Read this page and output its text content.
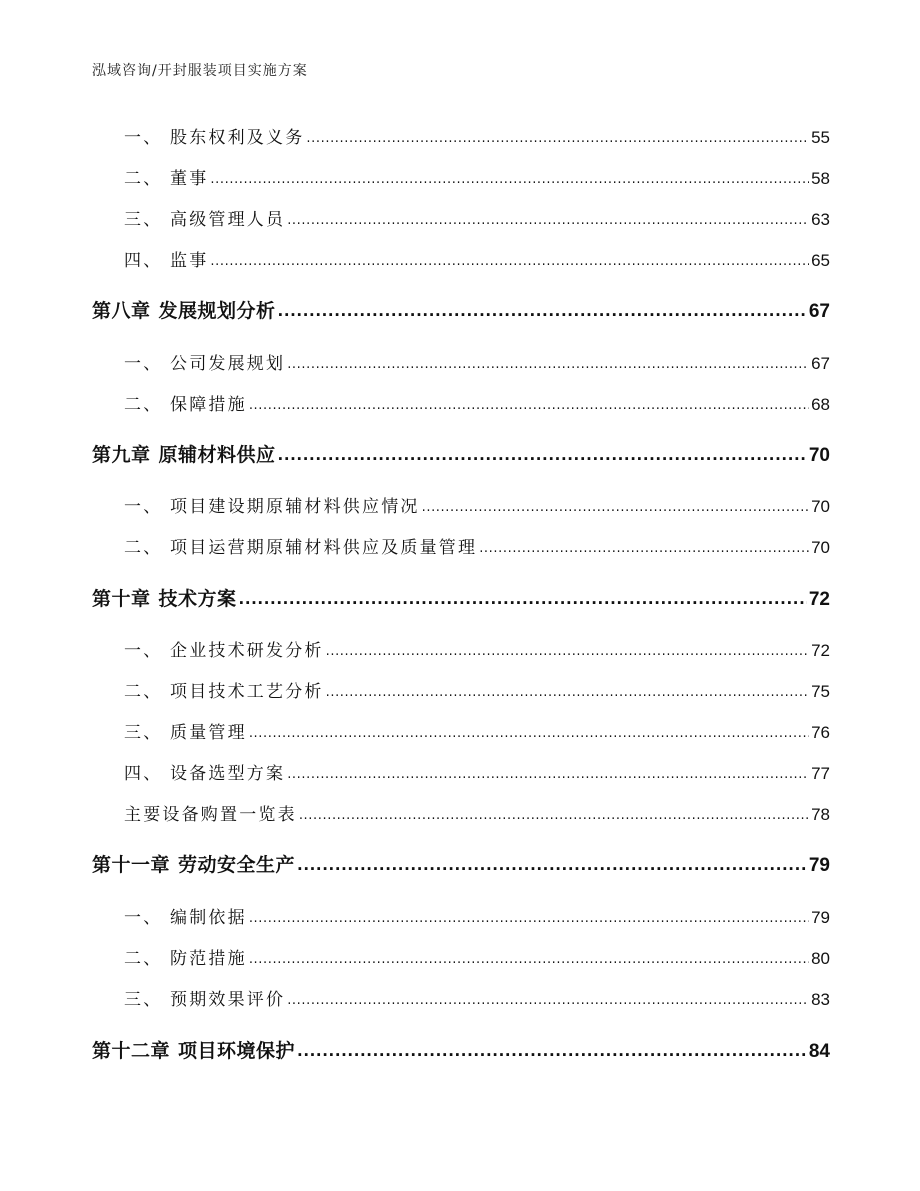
泓域咨询/开封服装项目实施方案
一、 股东权利及义务 .....	55
二、 董事 .....	58
三、 高级管理人员 .....	63
四、 监事 .....	65
第八章 发展规划分析 .....	67
一、 公司发展规划 .....	67
二、 保障措施 .....	68
第九章 原辅材料供应 .....	70
一、 项目建设期原辅材料供应情况 .....	70
二、 项目运营期原辅材料供应及质量管理 .....	70
第十章 技术方案 .....	72
一、 企业技术研发分析 .....	72
二、 项目技术工艺分析 .....	75
三、 质量管理 .....	76
四、 设备选型方案 .....	77
主要设备购置一览表 .....	78
第十一章 劳动安全生产 .....	79
一、 编制依据 .....	79
二、 防范措施 .....	80
三、 预期效果评价 .....	83
第十二章 项目环境保护 .....	84
